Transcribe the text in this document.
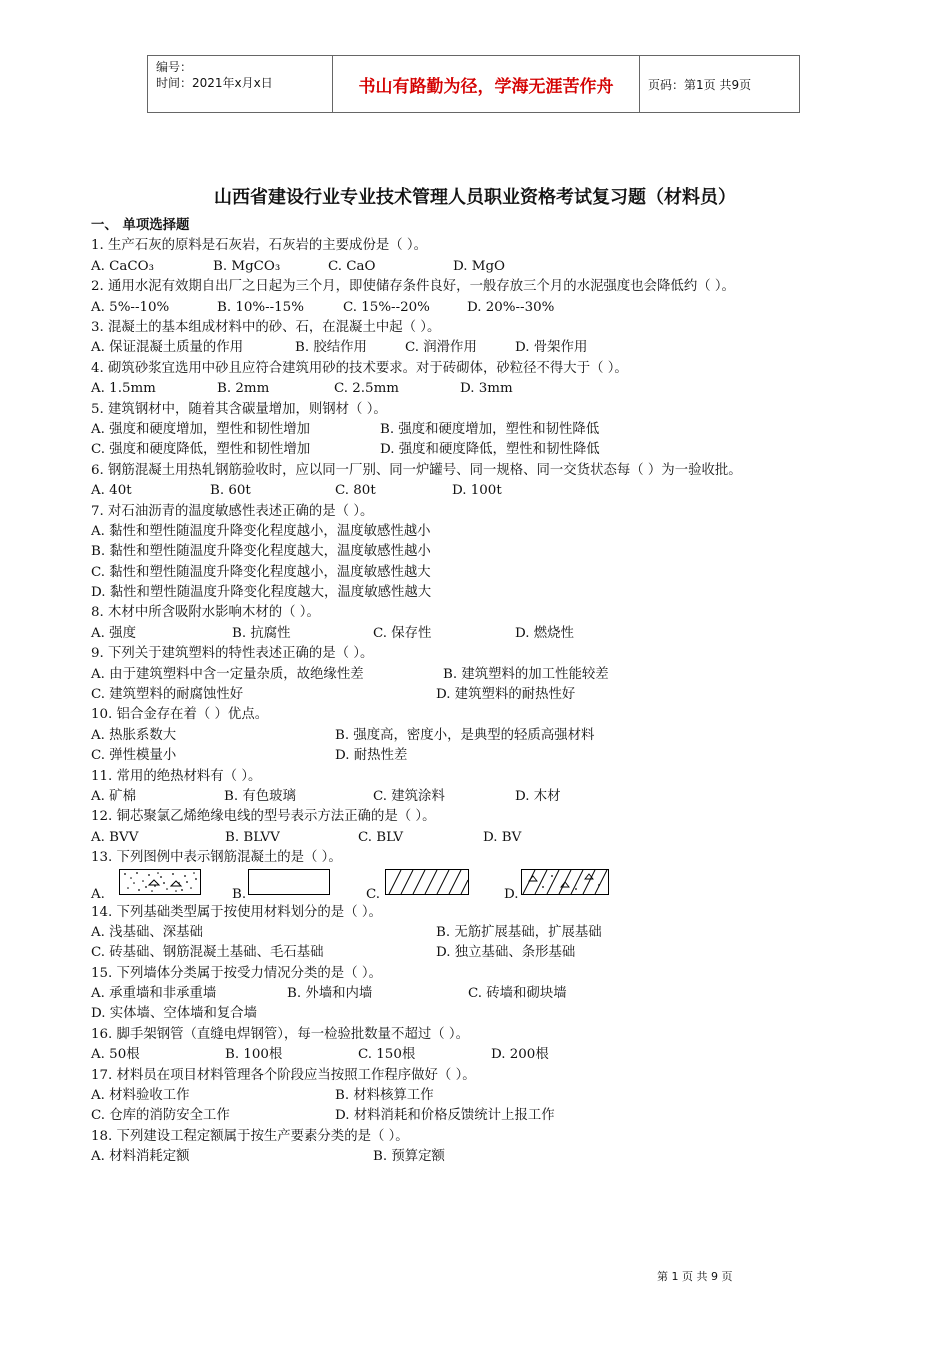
编号：
时间：2021年x月x日	书山有路勤为径，学海无涯苦作舟	页码：第1页 共9页
山西省建设行业专业技术管理人员职业资格考试复习题（材料员）
一、 单项选择题
1. 生产石灰的原料是石灰岩，石灰岩的主要成份是（ ）。
A. CaCO₃	B. MgCO₃	C. CaO	D. MgO
2. 通用水泥有效期自出厂之日起为三个月，即使储存条件良好，一般存放三个月的水泥强度也会降低约（ ）。
A. 5%--10%	B. 10%--15%	C. 15%--20%	D. 20%--30%
3. 混凝土的基本组成材料中的砂、石，在混凝土中起（ ）。
A. 保证混凝土质量的作用	B. 胶结作用	C. 润滑作用	D. 骨架作用
4. 砌筑砂浆宜选用中砂且应符合建筑用砂的技术要求。对于砖砌体，砂粒径不得大于（ ）。
A. 1.5mm	B. 2mm	C. 2.5mm	D. 3mm
5. 建筑钢材中，随着其含碳量增加，则钢材（ ）。
A. 强度和硬度增加，塑性和韧性增加	B. 强度和硬度增加，塑性和韧性降低
C. 强度和硬度降低，塑性和韧性增加	D. 强度和硬度降低，塑性和韧性降低
6. 钢筋混凝土用热轧钢筋验收时，应以同一厂别、同一炉罐号、同一规格、同一交货状态每（ ）为一验收批。
A. 40t	B. 60t	C. 80t	D. 100t
7. 对石油沥青的温度敏感性表述正确的是（ ）。
A. 黏性和塑性随温度升降变化程度越小，温度敏感性越小
B. 黏性和塑性随温度升降变化程度越大，温度敏感性越小
C. 黏性和塑性随温度升降变化程度越小，温度敏感性越大
D. 黏性和塑性随温度升降变化程度越大，温度敏感性越大
8. 木材中所含吸附水影响木材的（ ）。
A. 强度	B. 抗腐性	C. 保存性	D. 燃烧性
9. 下列关于建筑塑料的特性表述正确的是（ ）。
A. 由于建筑塑料中含一定量杂质，故绝缘性差	B. 建筑塑料的加工性能较差
C. 建筑塑料的耐腐蚀性好	D. 建筑塑料的耐热性好
10. 铝合金存在着（ ）优点。
A. 热胀系数大	B. 强度高，密度小，是典型的轻质高强材料
C. 弹性模量小	D. 耐热性差
11. 常用的绝热材料有（ ）。
A. 矿棉	B. 有色玻璃	C. 建筑涂料	D. 木材
12. 铜芯聚氯乙烯绝缘电线的型号表示方法正确的是（ ）。
A. BVV	B. BLVV	C. BLV	D. BV
13. 下列图例中表示钢筋混凝土的是（ ）。
A.	B.	C.	D.
14. 下列基础类型属于按使用材料划分的是（ ）。
A. 浅基础、深基础	B. 无筋扩展基础，扩展基础
C. 砖基础、钢筋混凝土基础、毛石基础	D. 独立基础、条形基础
15. 下列墙体分类属于按受力情况分类的是（ ）。
A. 承重墙和非承重墙	B. 外墙和内墙	C. 砖墙和砌块墙
D. 实体墙、空体墙和复合墙
16. 脚手架钢管（直缝电焊钢管），每一检验批数量不超过（ ）。
A. 50根	B. 100根	C. 150根	D. 200根
17. 材料员在项目材料管理各个阶段应当按照工作程序做好（ ）。
A. 材料验收工作	B. 材料核算工作
C. 仓库的消防安全工作	D. 材料消耗和价格反馈统计上报工作
18. 下列建设工程定额属于按生产要素分类的是（ ）。
A. 材料消耗定额	B. 预算定额
第 1 页 共 9 页
